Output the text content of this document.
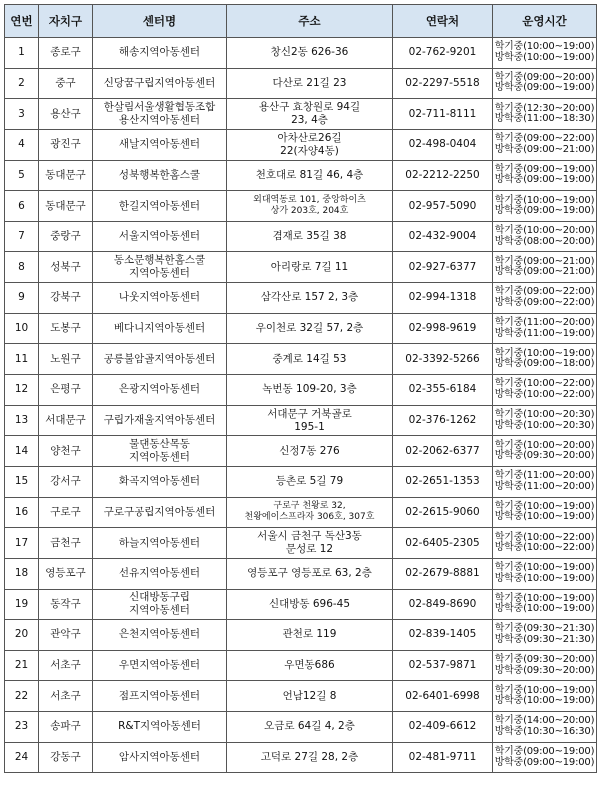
연번	자치구	센터명	주소	연락처	운영시간
1	종로구	해송지역아동센터	창신2동 626-36	02-762-9201	학기중(10:00~19:00)
방학중(10:00~19:00)

2	중구	신당꿈구립지역아동센터	다산로 21길 23	02-2297-5518	학기중(09:00~20:00)
방학중(09:00~19:00)

3	용산구	한살림서울생활협동조합
용산지역아동센터	용산구 효창원로 94길
23, 4층	02-711-8111	학기중(12:30~20:00)
방학중(11:00~18:30)

4	광진구	새날지역아동센터	아차산로26길
22(자양4동)	02-498-0404	학기중(09:00~22:00)
방학중(09:00~21:00)

5	동대문구	성북행복한홈스쿨	천호대로 81길 46, 4층	02-2212-2250	학기중(09:00~19:00)
방학중(09:00~19:00)

6	동대문구	한길지역아동센터	외대역동로 101, 중앙하이츠
상가 203호, 204호	02-957-5090	학기중(10:00~19:00)
방학중(09:00~19:00)

7	중랑구	서울지역아동센터	겸재로 35길 38	02-432-9004	학기중(10:00~20:00)
방학중(08:00~20:00)

8	성북구	동소문행복한홈스쿨
지역아동센터	아리랑로 7길 11	02-927-6377	학기중(09:00~21:00)
방학중(09:00~21:00)

9	강북구	나웃지역아동센터	삼각산로 157 2, 3층	02-994-1318	학기중(09:00~22:00)
방학중(09:00~22:00)

10	도봉구	베다니지역아동센터	우이천로 32길 57, 2층	02-998-9619	학기중(11:00~20:00)
방학중(11:00~19:00)

11	노원구	공릉불암골지역아동센터	중계로 14길 53	02-3392-5266	학기중(10:00~19:00)
방학중(09:00~18:00)

12	은평구	은광지역아동센터	녹번동 109-20, 3층	02-355-6184	학기중(10:00~22:00)
방학중(10:00~22:00)

13	서대문구	구립가재울지역아동센터	서대문구 거북골로
195-1	02-376-1262	학기중(10:00~20:30)
방학중(10:00~20:30)

14	양천구	물댄동산목동
지역아동센터	신정7동 276	02-2062-6377	학기중(10:00~20:00)
방학중(09:30~20:00)

15	강서구	화곡지역아동센터	등촌로 5길 79	02-2651-1353	학기중(11:00~20:00)
방학중(11:00~20:00)

16	구로구	구로구공립지역아동센터	구로구 천왕로 32,
천왕에이스프라자 306호, 307호	02-2615-9060	학기중(10:00~19:00)
방학중(10:00~19:00)

17	금천구	하늘지역아동센터	서울시 금천구 독산3동
문성로 12	02-6405-2305	학기중(10:00~22:00)
방학중(10:00~22:00)

18	영등포구	선유지역아동센터	영등포구 영등포로 63, 2층	02-2679-8881	학기중(10:00~19:00)
방학중(10:00~19:00)

19	동작구	신대방동구립
지역아동센터	신대방동 696-45	02-849-8690	학기중(10:00~19:00)
방학중(10:00~19:00)

20	관악구	은천지역아동센터	관천로 119	02-839-1405	학기중(09:30~21:30)
방학중(09:30~21:30)

21	서초구	우면지역아동센터	우면동686	02-537-9871	학기중(09:30~20:00)
방학중(09:30~20:00)

22	서초구	점프지역아동센터	언남12길 8	02-6401-6998	학기중(10:00~19:00)
방학중(10:00~19:00)

23	송파구	R&T지역아동센터	오금로 64길 4, 2층	02-409-6612	학기중(14:00~20:00)
방학중(10:30~16:30)

24	강동구	암사지역아동센터	고덕로 27길 28, 2층	02-481-9711	학기중(09:00~19:00)
방학중(09:00~19:00)
